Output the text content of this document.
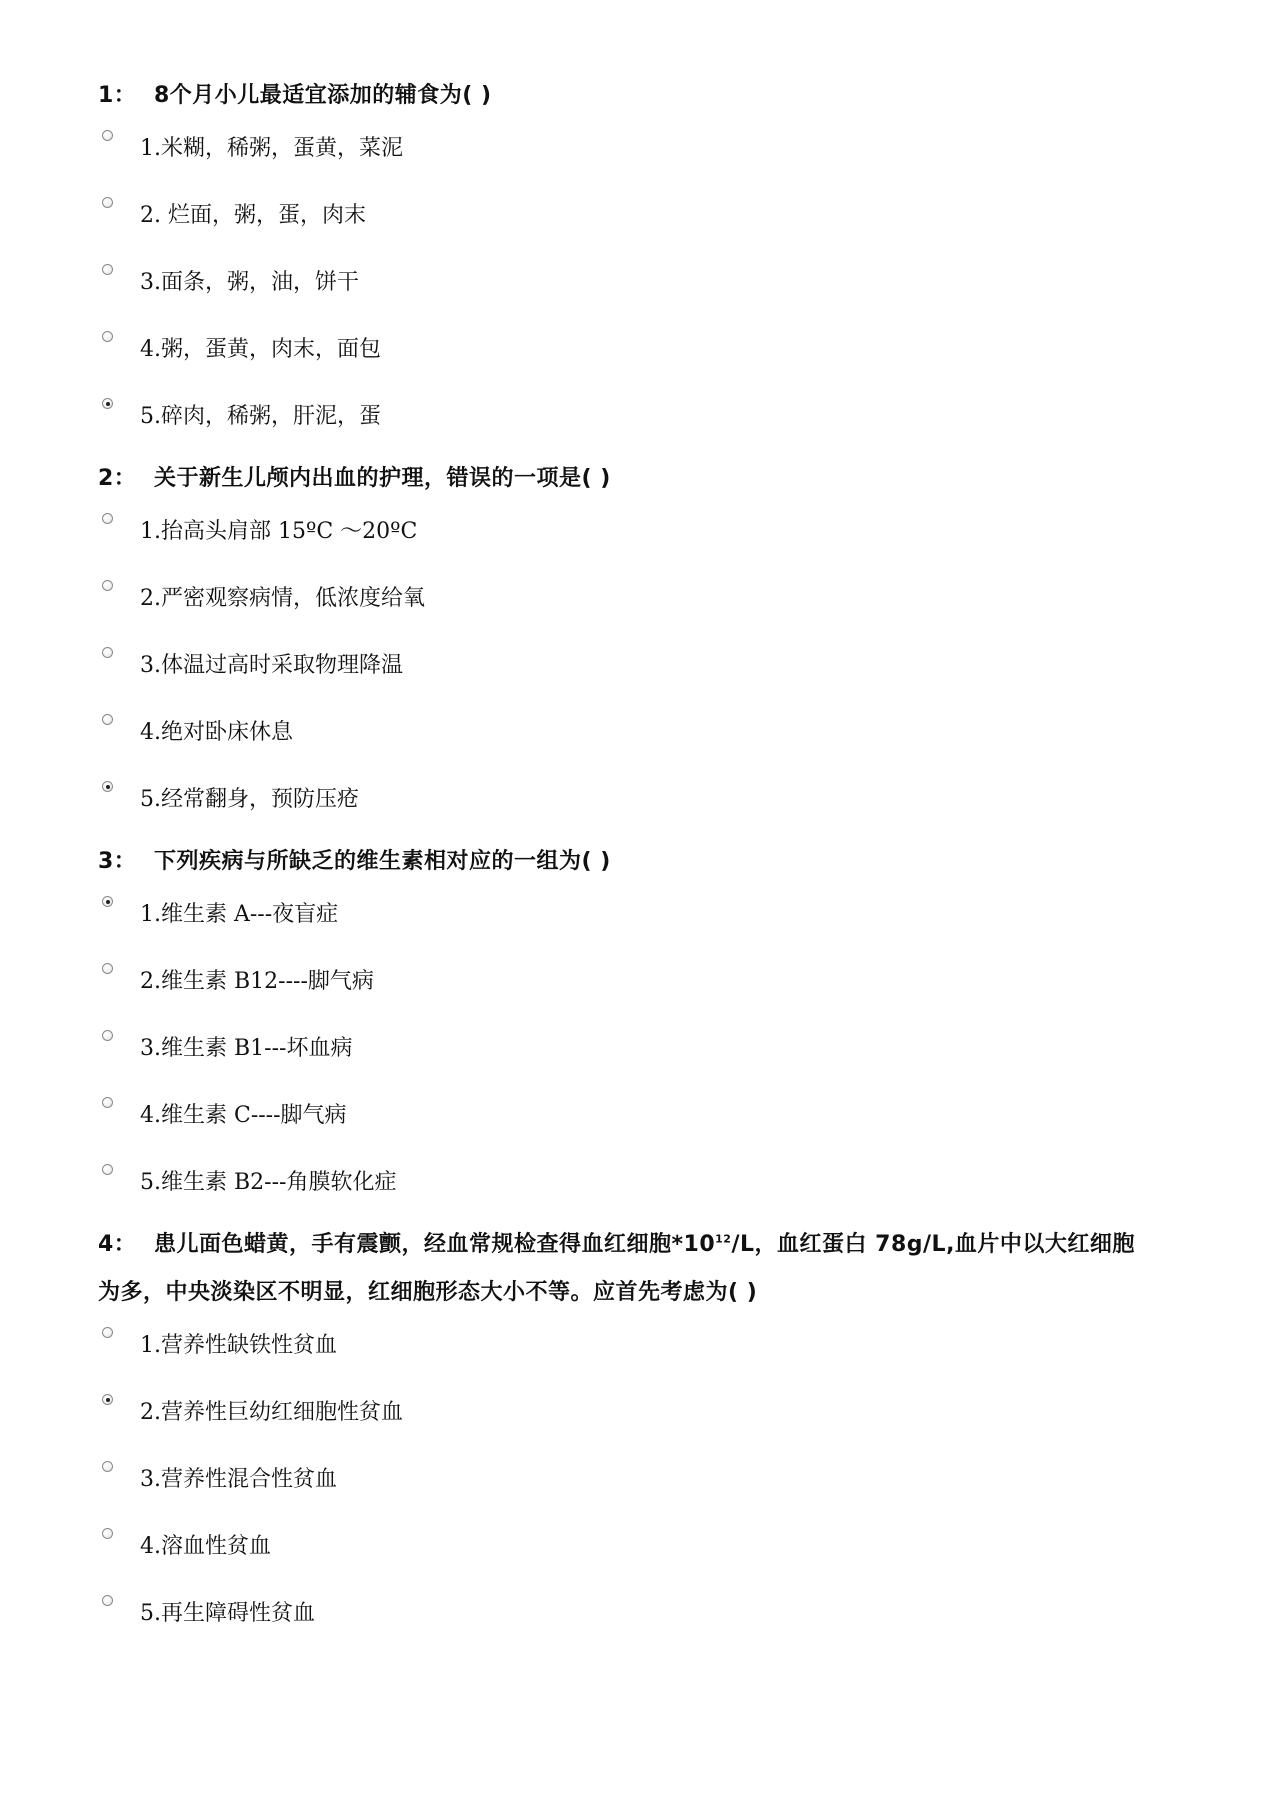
1： 8个月小儿最适宜添加的辅食为( )

1.米糊，稀粥，蛋黄，菜泥
2. 烂面，粥，蛋，肉末
3.面条，粥，油，饼干
4.粥，蛋黄，肉末，面包
5.碎肉，稀粥，肝泥，蛋

2： 关于新生儿颅内出血的护理，错误的一项是( )

1.抬高头肩部 15ºC ～20ºC
2.严密观察病情，低浓度给氧
3.体温过高时采取物理降温
4.绝对卧床休息
5.经常翻身，预防压疮

3： 下列疾病与所缺乏的维生素相对应的一组为( )

1.维生素 A---夜盲症
2.维生素 B12----脚气病
3.维生素 B1---坏血病
4.维生素 C----脚气病
5.维生素 B2---角膜软化症

4： 患儿面色蜡黄，手有震颤，经血常规检查得血红细胞$*10^{12}/L$，血红蛋白 78g/L,血片中以大红细胞
为多，中央淡染区不明显，红细胞形态大小不等。应首先考虑为( )

1.营养性缺铁性贫血
2.营养性巨幼红细胞性贫血
3.营养性混合性贫血
4.溶血性贫血
5.再生障碍性贫血
